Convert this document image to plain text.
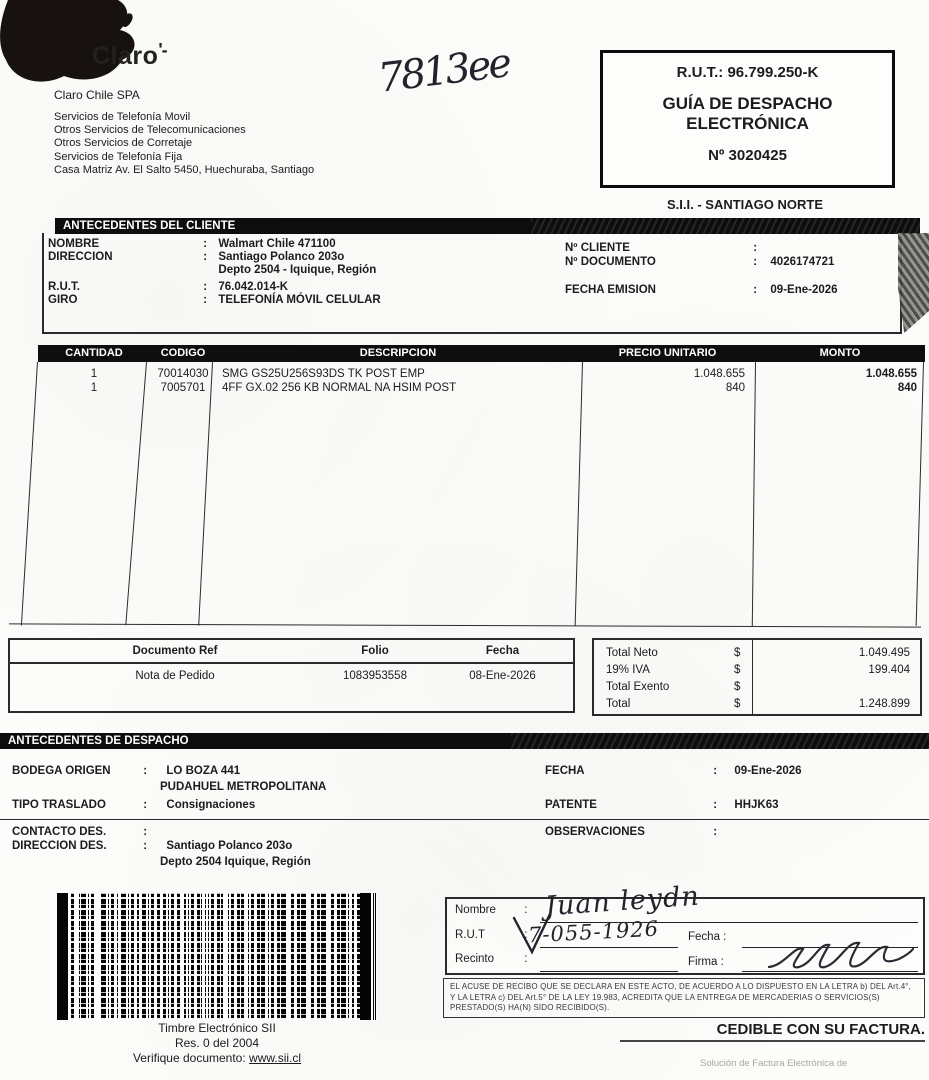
Claro'-
Claro Chile SPA
Servicios de Telefonía Movil
Otros Servicios de Telecomunicaciones
Otros Servicios de Corretaje
Servicios de Telefonía Fija
Casa Matriz Av. El Salto 5450, Huechuraba, Santiago
7813ee	R.U.T.: 96.799.250-K
GUÍA DE DESPACHO
ELECTRÓNICA
Nº 3020425
S.I.I. - SANTIAGO NORTE
ANTECEDENTES DEL CLIENTE
NOMBRE	: Walmart Chile 471100
DIRECCION	: Santiago Polanco 203o
Depto 2504 - Iquique, Región
R.U.T.	: 76.042.014-K
GIRO	: TELEFONÍA MÓVIL CELULAR
Nº CLIENTE	:
Nº DOCUMENTO	: 4026174721
FECHA EMISION	: 09-Ene-2026
CANTIDAD	CODIGO	DESCRIPCION	PRECIO UNITARIO	MONTO
1	70014030	SMG GS25U256S93DS TK POST EMP	1.048.655	1.048.655
1	7005701	4FF GX.02 256 KB NORMAL NA HSIM POST	840	840
Documento Ref	Folio	Fecha
Nota de Pedido	1083953558	08-Ene-2026
Total Neto	$	1.049.495
19% IVA	$	199.404
Total Exento	$
Total	$	1.248.899
ANTECEDENTES DE DESPACHO
BODEGA ORIGEN	: LO BOZA 441
PUDAHUEL METROPOLITANA
TIPO TRASLADO	: Consignaciones
CONTACTO DES.	:
DIRECCION DES.	: Santiago Polanco 203o
Depto 2504 Iquique, Región
FECHA	: 09-Ene-2026
PATENTE	: HHJK63
OBSERVACIONES	:
Timbre Electrónico SII
Res. 0 del 2004
Verifique documento: www.sii.cl
Nombre :
R.U.T	:	Fecha :
Recinto	:	Firma :
Juan leydn
7-055-1926
EL ACUSE DE RECIBO QUE SE DECLARA EN ESTE ACTO, DE ACUERDO A LO DISPUESTO EN LA LETRA b) DEL Art.4°, Y LA LETRA c) DEL Art.5° DE LA LEY 19.983, ACREDITA QUE LA ENTREGA DE MERCADERIAS O SERVICIOS(S) PRESTADO(S) HA(N) SIDO RECIBIDO(S).
CEDIBLE CON SU FACTURA.
Solución de Factura Electrónica de
